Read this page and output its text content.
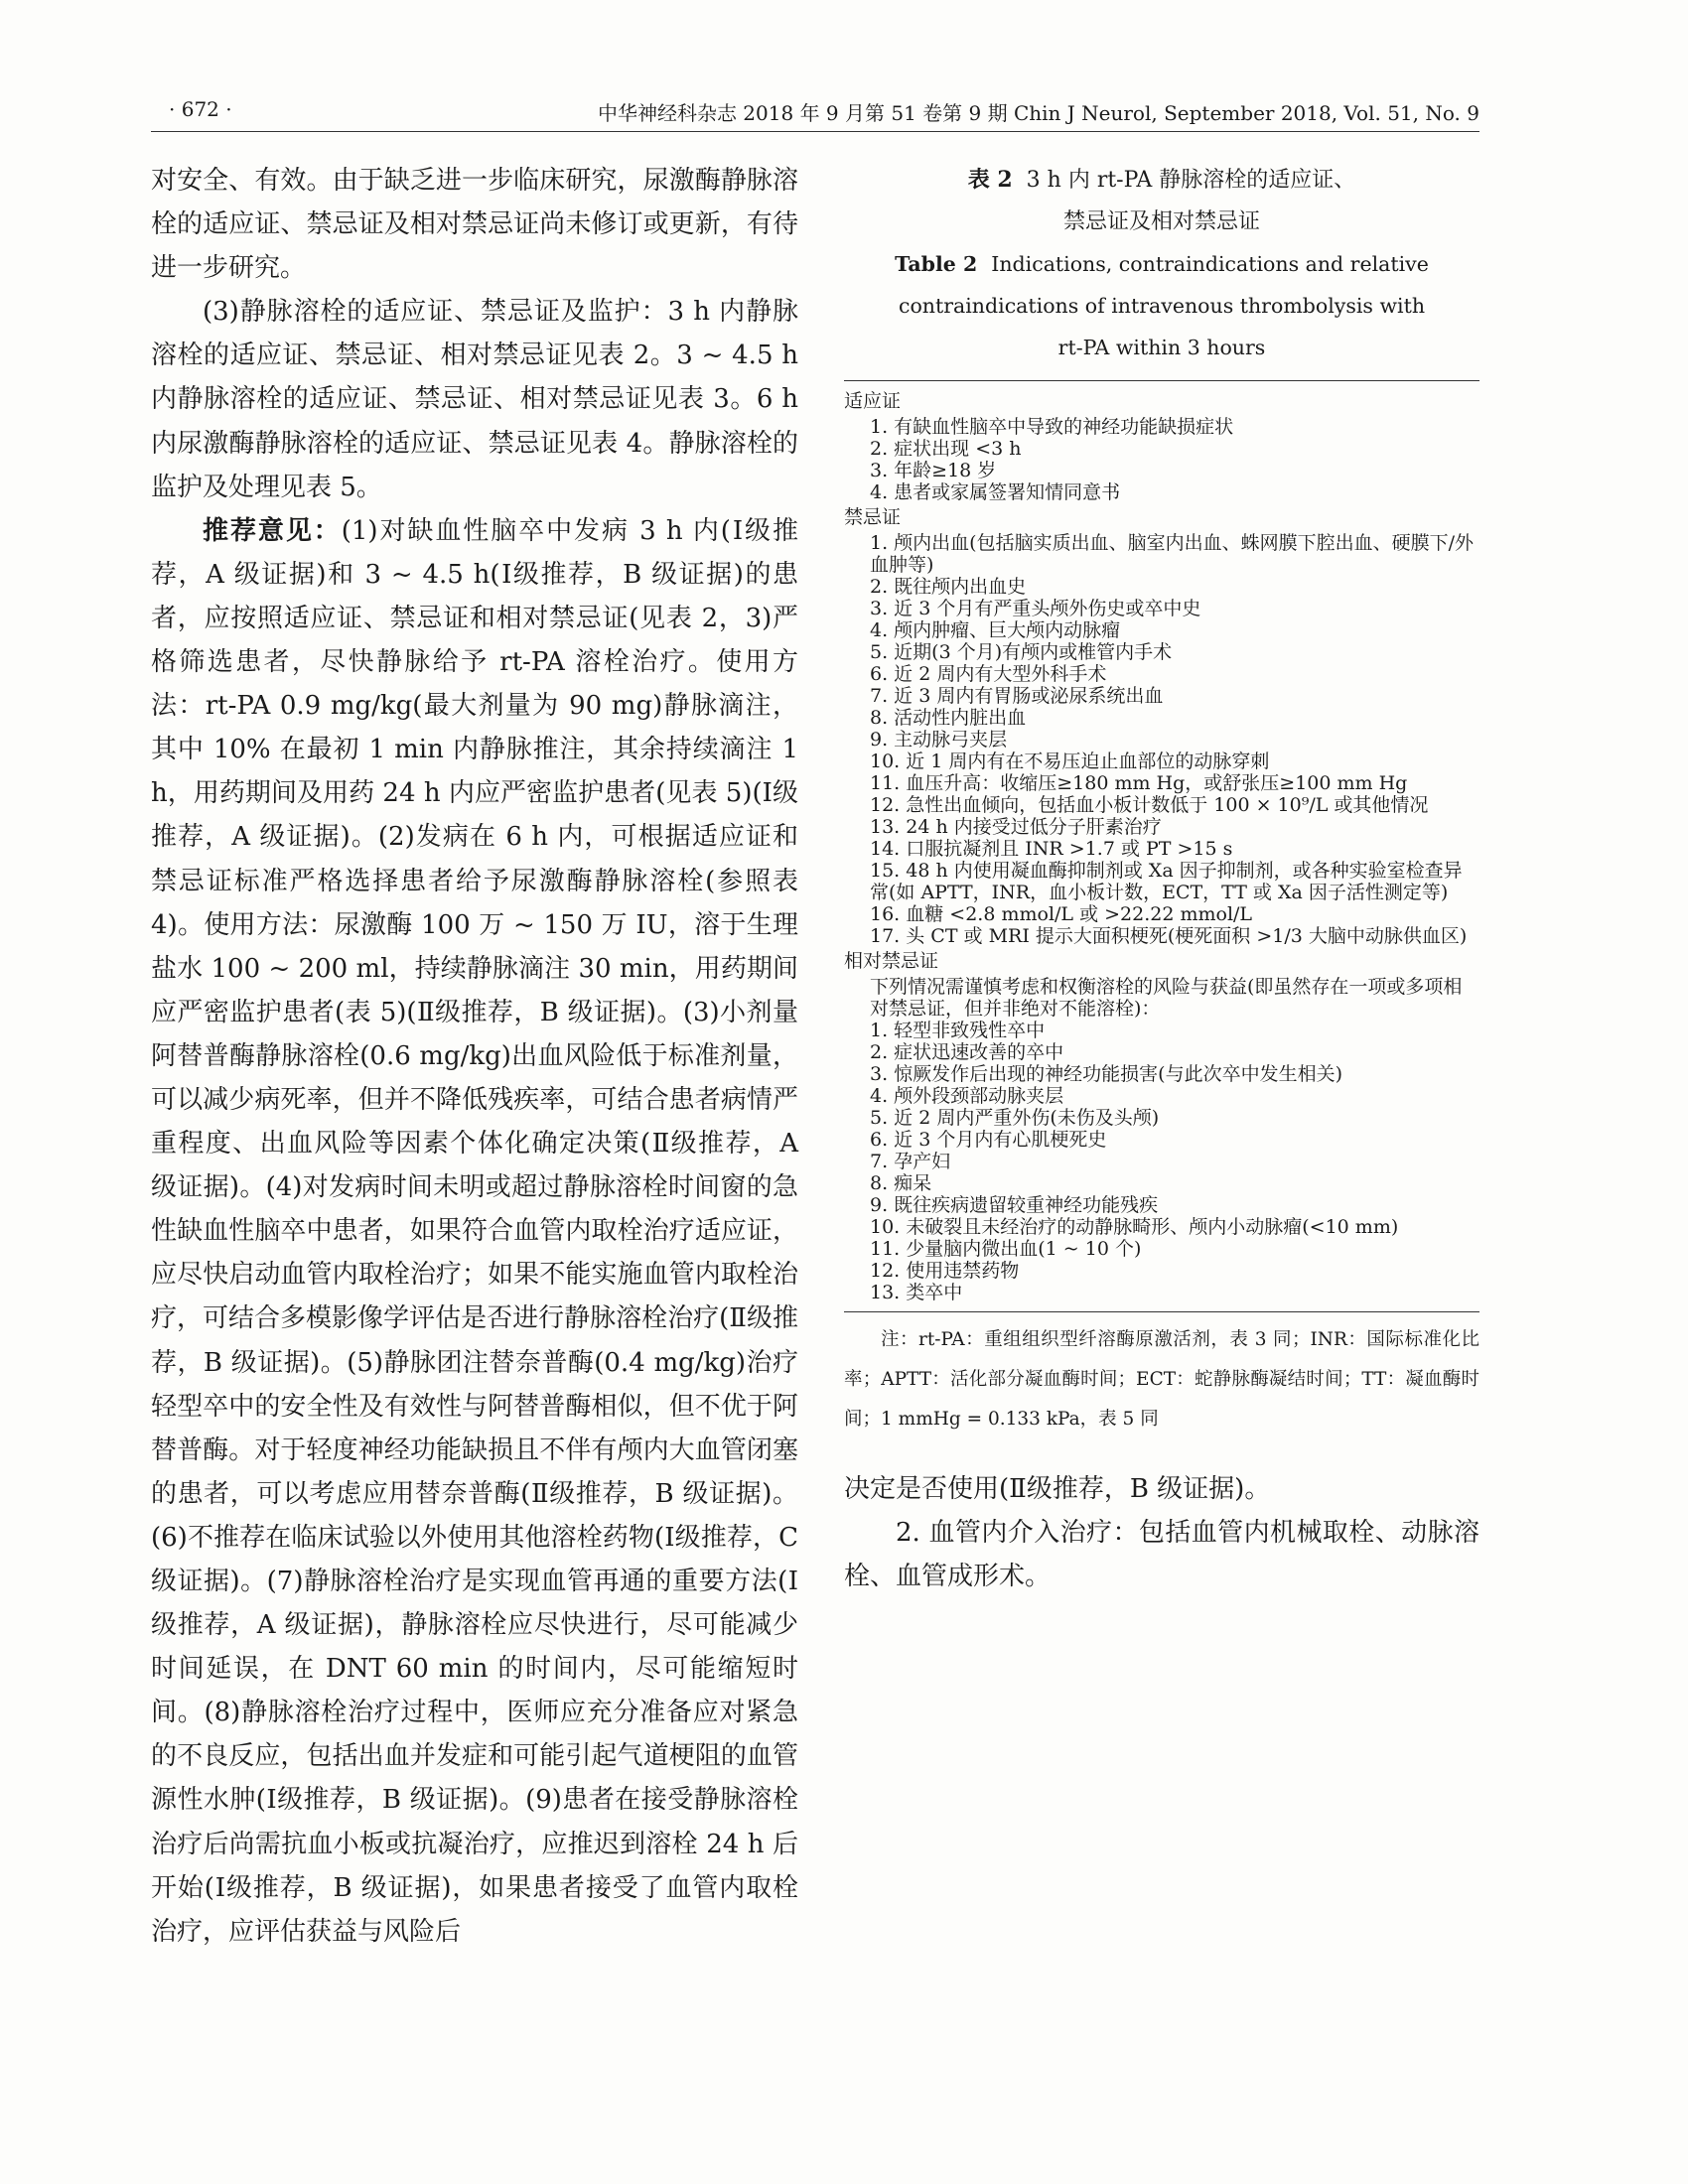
· 672 ·	中华神经科杂志 2018 年 9 月第 51 卷第 9 期 Chin J Neurol, September 2018, Vol. 51, No. 9

对安全、有效。由于缺乏进一步临床研究，尿激酶静脉溶栓的适应证、禁忌证及相对禁忌证尚未修订或更新，有待进一步研究。

(3)静脉溶栓的适应证、禁忌证及监护：3 h 内静脉溶栓的适应证、禁忌证、相对禁忌证见表 2。3 ~ 4.5 h 内静脉溶栓的适应证、禁忌证、相对禁忌证见表 3。6 h 内尿激酶静脉溶栓的适应证、禁忌证见表 4。静脉溶栓的监护及处理见表 5。

推荐意见：(1)对缺血性脑卒中发病 3 h 内(Ⅰ级推荐，A 级证据)和 3 ~ 4.5 h(Ⅰ级推荐，B 级证据)的患者，应按照适应证、禁忌证和相对禁忌证(见表 2，3)严格筛选患者，尽快静脉给予 rt-PA 溶栓治疗。使用方法：rt-PA 0.9 mg/kg(最大剂量为 90 mg)静脉滴注，其中 10% 在最初 1 min 内静脉推注，其余持续滴注 1 h，用药期间及用药 24 h 内应严密监护患者(见表 5)(Ⅰ级推荐，A 级证据)。(2)发病在 6 h 内，可根据适应证和禁忌证标准严格选择患者给予尿激酶静脉溶栓(参照表 4)。使用方法：尿激酶 100 万 ~ 150 万 IU，溶于生理盐水 100 ~ 200 ml，持续静脉滴注 30 min，用药期间应严密监护患者(表 5)(Ⅱ级推荐，B 级证据)。(3)小剂量阿替普酶静脉溶栓(0.6 mg/kg)出血风险低于标准剂量，可以减少病死率，但并不降低残疾率，可结合患者病情严重程度、出血风险等因素个体化确定决策(Ⅱ级推荐，A 级证据)。(4)对发病时间未明或超过静脉溶栓时间窗的急性缺血性脑卒中患者，如果符合血管内取栓治疗适应证，应尽快启动血管内取栓治疗；如果不能实施血管内取栓治疗，可结合多模影像学评估是否进行静脉溶栓治疗(Ⅱ级推荐，B 级证据)。(5)静脉团注替奈普酶(0.4 mg/kg)治疗轻型卒中的安全性及有效性与阿替普酶相似，但不优于阿替普酶。对于轻度神经功能缺损且不伴有颅内大血管闭塞的患者，可以考虑应用替奈普酶(Ⅱ级推荐，B 级证据)。(6)不推荐在临床试验以外使用其他溶栓药物(Ⅰ级推荐，C 级证据)。(7)静脉溶栓治疗是实现血管再通的重要方法(Ⅰ级推荐，A 级证据)，静脉溶栓应尽快进行，尽可能减少时间延误，在 DNT 60 min 的时间内，尽可能缩短时间。(8)静脉溶栓治疗过程中，医师应充分准备应对紧急的不良反应，包括出血并发症和可能引起气道梗阻的血管源性水肿(Ⅰ级推荐，B 级证据)。(9)患者在接受静脉溶栓治疗后尚需抗血小板或抗凝治疗，应推迟到溶栓 24 h 后开始(Ⅰ级推荐，B 级证据)，如果患者接受了血管内取栓治疗，应评估获益与风险后

表 2 3 h 内 rt-PA 静脉溶栓的适应证、
禁忌证及相对禁忌证
Table 2 Indications, contraindications and relative
contraindications of intravenous thrombolysis with
rt-PA within 3 hours
适应证
1. 有缺血性脑卒中导致的神经功能缺损症状
2. 症状出现 <3 h
3. 年龄≥18 岁
4. 患者或家属签署知情同意书
禁忌证
1. 颅内出血(包括脑实质出血、脑室内出血、蛛网膜下腔出血、硬膜下/外血肿等)
2. 既往颅内出血史
3. 近 3 个月有严重头颅外伤史或卒中史
4. 颅内肿瘤、巨大颅内动脉瘤
5. 近期(3 个月)有颅内或椎管内手术
6. 近 2 周内有大型外科手术
7. 近 3 周内有胃肠或泌尿系统出血
8. 活动性内脏出血
9. 主动脉弓夹层
10. 近 1 周内有在不易压迫止血部位的动脉穿刺
11. 血压升高：收缩压≥180 mm Hg，或舒张压≥100 mm Hg
12. 急性出血倾向，包括血小板计数低于 100 × 10⁹/L 或其他情况
13. 24 h 内接受过低分子肝素治疗
14. 口服抗凝剂且 INR >1.7 或 PT >15 s
15. 48 h 内使用凝血酶抑制剂或 Xa 因子抑制剂，或各种实验室检查异常(如 APTT，INR，血小板计数，ECT，TT 或 Xa 因子活性测定等)
16. 血糖 <2.8 mmol/L 或 >22.22 mmol/L
17. 头 CT 或 MRI 提示大面积梗死(梗死面积 >1/3 大脑中动脉供血区)
相对禁忌证
下列情况需谨慎考虑和权衡溶栓的风险与获益(即虽然存在一项或多项相对禁忌证，但并非绝对不能溶栓)：
1. 轻型非致残性卒中
2. 症状迅速改善的卒中
3. 惊厥发作后出现的神经功能损害(与此次卒中发生相关)
4. 颅外段颈部动脉夹层
5. 近 2 周内严重外伤(未伤及头颅)
6. 近 3 个月内有心肌梗死史
7. 孕产妇
8. 痴呆
9. 既往疾病遗留较重神经功能残疾
10. 未破裂且未经治疗的动静脉畸形、颅内小动脉瘤(<10 mm)
11. 少量脑内微出血(1 ~ 10 个)
12. 使用违禁药物
13. 类卒中
注：rt-PA：重组组织型纤溶酶原激活剂，表 3 同；INR：国际标准化比率；APTT：活化部分凝血酶时间；ECT：蛇静脉酶凝结时间；TT：凝血酶时间；1 mmHg = 0.133 kPa，表 5 同

决定是否使用(Ⅱ级推荐，B 级证据)。

2. 血管内介入治疗：包括血管内机械取栓、动脉溶栓、血管成形术。
